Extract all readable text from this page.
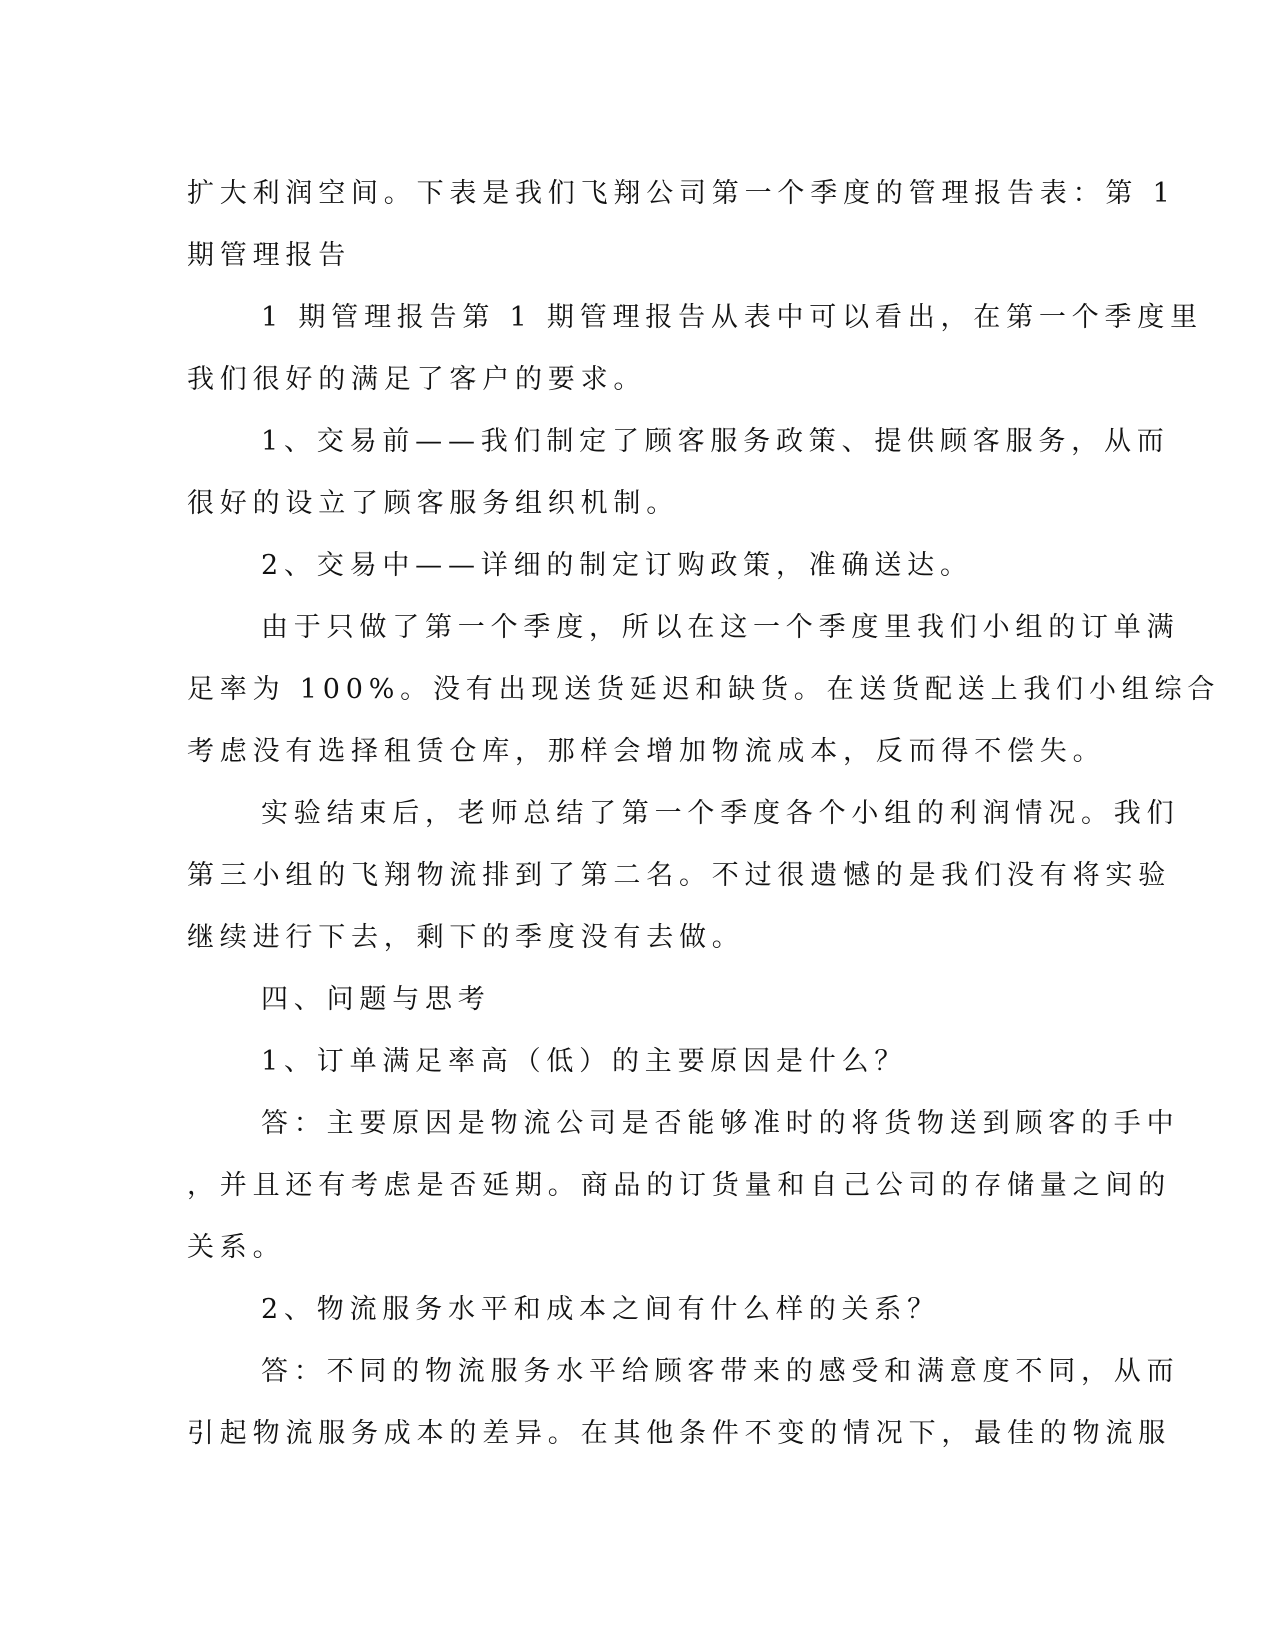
扩大利润空间。下表是我们飞翔公司第一个季度的管理报告表：第 1
期管理报告
1 期管理报告第 1 期管理报告从表中可以看出，在第一个季度里
我们很好的满足了客户的要求。
1、交易前——我们制定了顾客服务政策、提供顾客服务，从而
很好的设立了顾客服务组织机制。
2、交易中——详细的制定订购政策，准确送达。
由于只做了第一个季度，所以在这一个季度里我们小组的订单满
足率为 100%。没有出现送货延迟和缺货。在送货配送上我们小组综合
考虑没有选择租赁仓库，那样会增加物流成本，反而得不偿失。
实验结束后，老师总结了第一个季度各个小组的利润情况。我们
第三小组的飞翔物流排到了第二名。不过很遗憾的是我们没有将实验
继续进行下去，剩下的季度没有去做。
四、问题与思考
1、订单满足率高（低）的主要原因是什么？
答：主要原因是物流公司是否能够准时的将货物送到顾客的手中
，并且还有考虑是否延期。商品的订货量和自己公司的存储量之间的
关系。
2、物流服务水平和成本之间有什么样的关系？
答：不同的物流服务水平给顾客带来的感受和满意度不同，从而
引起物流服务成本的差异。在其他条件不变的情况下，最佳的物流服
